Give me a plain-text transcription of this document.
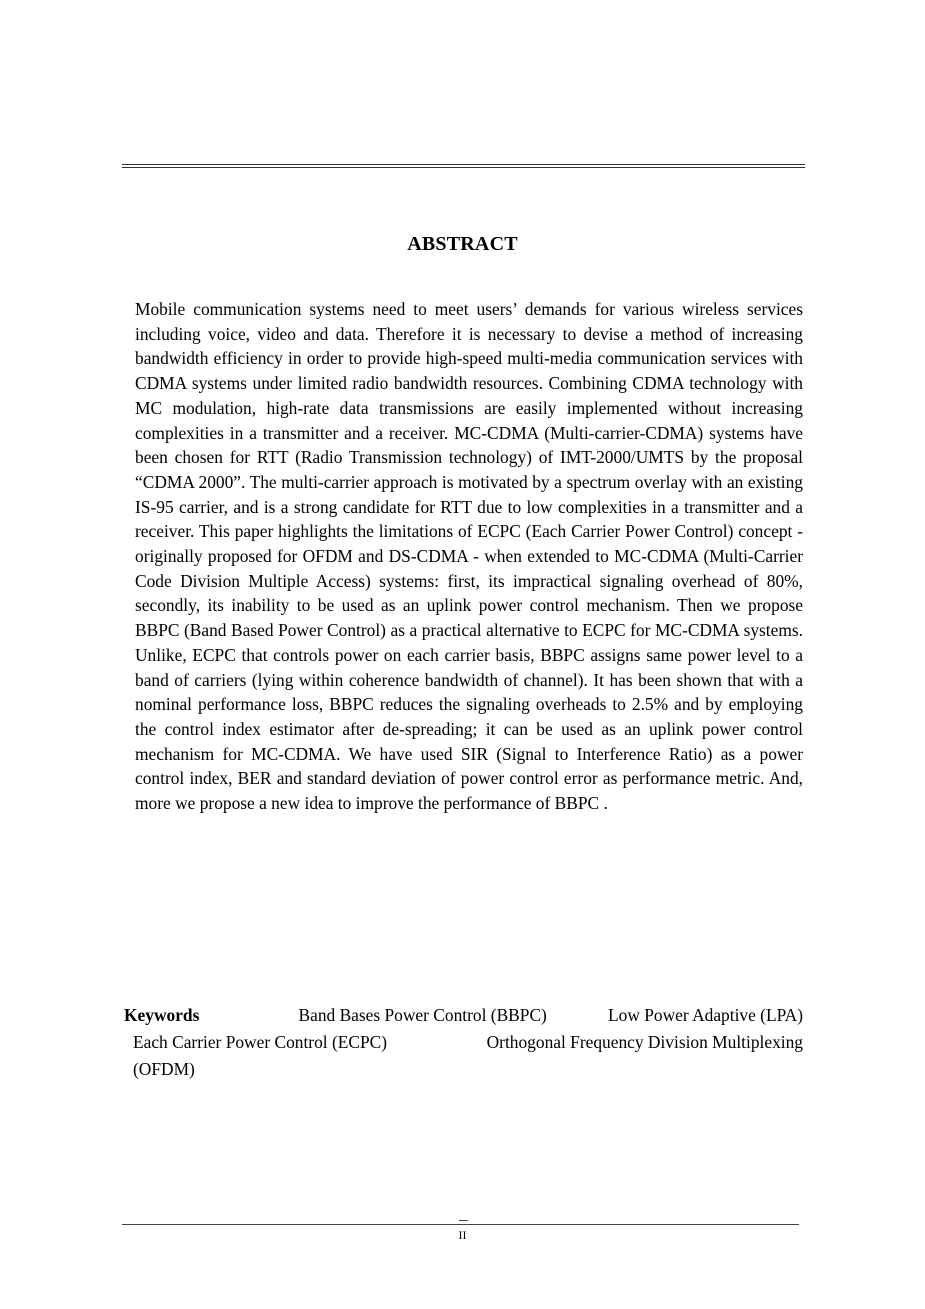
ABSTRACT

Mobile communication systems need to meet users’ demands for various wireless services including voice, video and data. Therefore it is necessary to devise a method of increasing bandwidth efficiency in order to provide high-speed multi-media communication services with CDMA systems under limited radio bandwidth resources. Combining CDMA technology with MC modulation, high-rate data transmissions are easily implemented without increasing complexities in a transmitter and a receiver. MC-CDMA (Multi-carrier-CDMA) systems have been chosen for RTT (Radio Transmission technology) of IMT-2000/UMTS by the proposal “CDMA 2000”. The multi-carrier approach is motivated by a spectrum overlay with an existing IS-95 carrier, and is a strong candidate for RTT due to low complexities in a transmitter and a receiver. This paper highlights the limitations of ECPC (Each Carrier Power Control) concept - originally proposed for OFDM and DS-CDMA - when extended to MC-CDMA (Multi-Carrier Code Division Multiple Access) systems: first, its impractical signaling overhead of 80%, secondly, its inability to be used as an uplink power control mechanism. Then we propose BBPC (Band Based Power Control) as a practical alternative to ECPC for MC-CDMA systems. Unlike, ECPC that controls power on each carrier basis, BBPC assigns same power level to a band of carriers (lying within coherence bandwidth of channel). It has been shown that with a nominal performance loss, BBPC reduces the signaling overheads to 2.5% and by employing the control index estimator after de-spreading; it can be used as an uplink power control mechanism for MC-CDMA. We have used SIR (Signal to Interference Ratio) as a power control index, BER and standard deviation of power control error as performance metric. And, more we propose a new idea to improve the performance of BBPC .

Keywords	Band Bases Power Control (BBPC)	Low Power Adaptive (LPA)
Each Carrier Power Control (ECPC)	Orthogonal Frequency Division Multiplexing
(OFDM)
II
